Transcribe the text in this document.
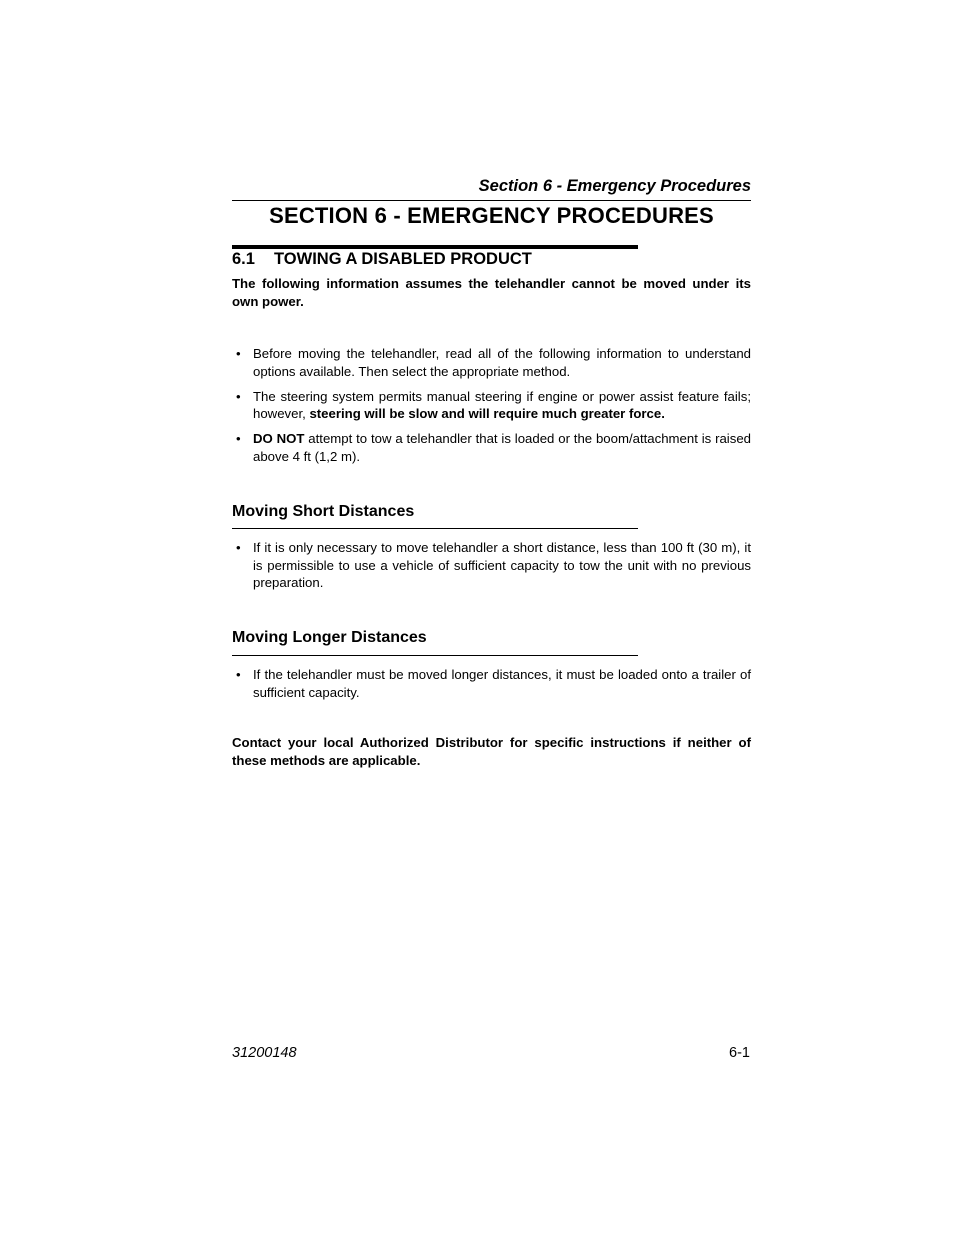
Section 6 - Emergency Procedures
SECTION 6 - EMERGENCY PROCEDURES
6.1 TOWING A DISABLED PRODUCT
The following information assumes the telehandler cannot be moved under its own power.
• Before moving the telehandler, read all of the following information to understand options available. Then select the appropriate method.
• The steering system permits manual steering if engine or power assist feature fails; however, steering will be slow and will require much greater force.
• DO NOT attempt to tow a telehandler that is loaded or the boom/attachment is raised above 4 ft (1,2 m).
Moving Short Distances
• If it is only necessary to move telehandler a short distance, less than 100 ft (30 m), it is permissible to use a vehicle of sufficient capacity to tow the unit with no previous preparation.
Moving Longer Distances
• If the telehandler must be moved longer distances, it must be loaded onto a trailer of sufficient capacity.
Contact your local Authorized Distributor for specific instructions if neither of these methods are applicable.
31200148	6-1
